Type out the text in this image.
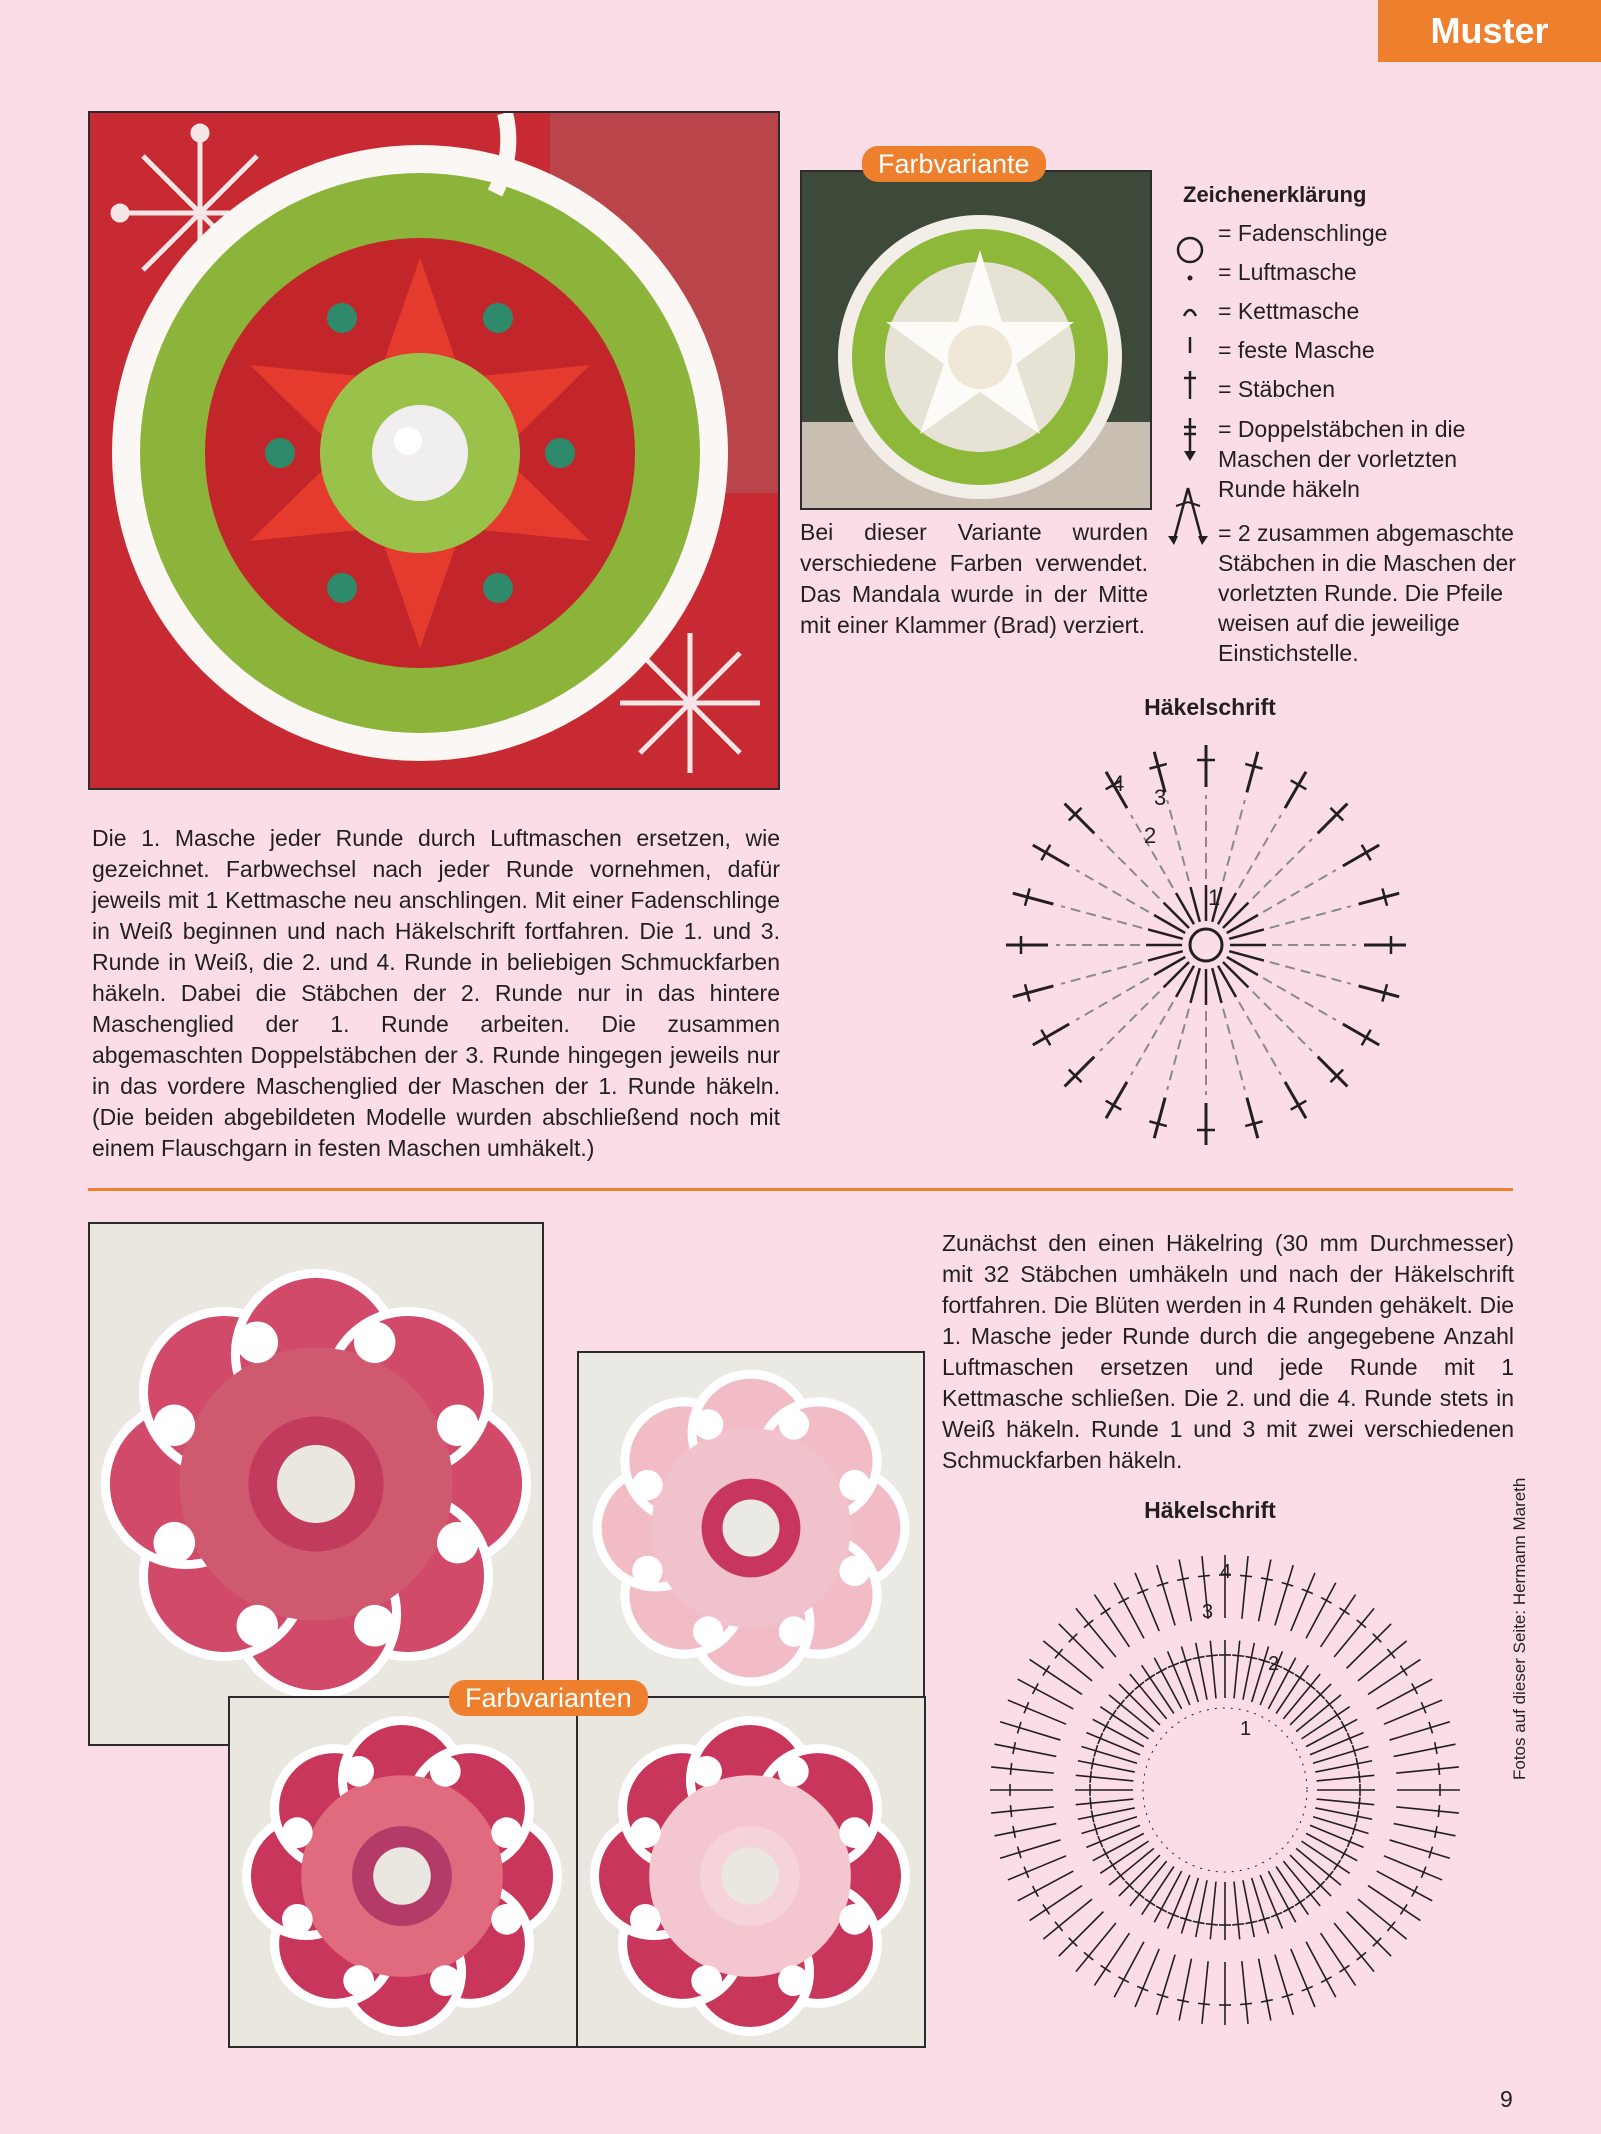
Muster
Farbvariante
Bei dieser Variante wurden verschiedene Farben verwendet. Das Mandala wurde in der Mitte mit einer Klammer (Brad) verziert.
Zeichenerklärung
= Fadenschlinge
= Luftmasche
= Kettmasche
= feste Masche
= Stäbchen
= Doppelstäbchen in die Maschen der vorletzten Runde häkeln
= 2 zusammen abgemaschte Stäbchen in die Maschen der vorletzten Runde. Die Pfeile weisen auf die jeweilige Einstichstelle.
Häkelschrift
4
3
2
1
Die 1. Masche jeder Runde durch Luftmaschen ersetzen, wie gezeichnet. Farbwechsel nach jeder Runde vornehmen, dafür jeweils mit 1 Kettmasche neu anschlingen. Mit einer Fadenschlinge in Weiß beginnen und nach Häkelschrift fortfahren. Die 1. und 3. Runde in Weiß, die 2. und 4. Runde in beliebigen Schmuckfarben häkeln. Dabei die Stäbchen der 2. Runde nur in das hintere Maschenglied der 1. Runde arbeiten. Die zusammen abgemaschten Doppelstäbchen der 3. Runde hingegen jeweils nur in das vordere Maschenglied der Maschen der 1. Runde häkeln. (Die beiden abgebildeten Modelle wurden abschließend noch mit einem Flauschgarn in festen Maschen umhäkelt.)
Farbvarianten
Zunächst den einen Häkelring (30 mm Durchmesser) mit 32 Stäbchen umhäkeln und nach der Häkelschrift fortfahren. Die Blüten werden in 4 Runden gehäkelt. Die 1. Masche jeder Runde durch die angegebene Anzahl Luftmaschen ersetzen und jede Runde mit 1 Kettmasche schließen. Die 2. und die 4. Runde stets in Weiß häkeln. Runde 1 und 3 mit zwei verschiedenen Schmuckfarben häkeln.
Häkelschrift
4
3
2
1	Fotos auf dieser Seite: Hermann Mareth
9
